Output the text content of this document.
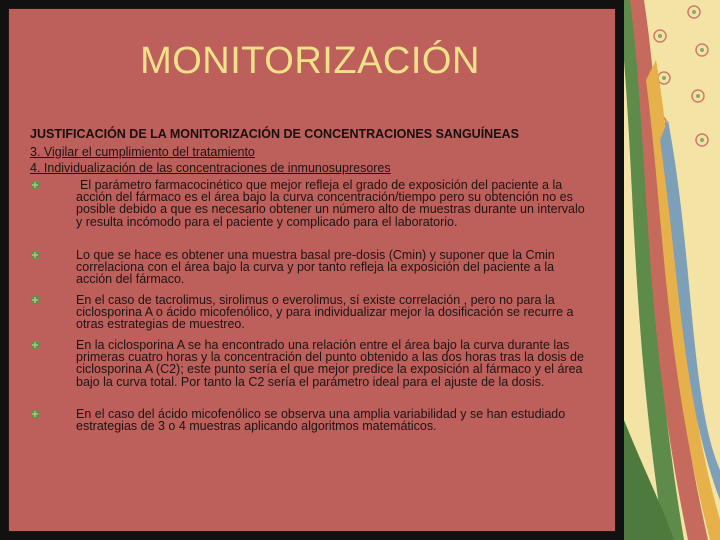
MONITORIZACIÓN
JUSTIFICACIÓN DE LA MONITORIZACIÓN DE CONCENTRACIONES SANGUÍNEAS
3. Vigilar el cumplimiento del tratamiento
4. Individualización de las concentraciones de inmunosupresores
El parámetro farmacocinético que mejor refleja el grado de exposición del paciente a la acción del fármaco es el área bajo la curva concentración/tiempo pero su obtención no es posible debido a que es necesario obtener un número alto de muestras durante un intervalo y resulta incómodo para el paciente y complicado para el laboratorio.
Lo que se hace es obtener una muestra basal pre-dosis (Cmin) y suponer que la Cmin correlaciona con el área bajo la curva y por tanto refleja la exposición del paciente a la acción del fármaco.
En el caso de tacrolimus, sirolimus o everolimus, sí existe correlación , pero no para la ciclosporina A o ácido micofenólico, y para individualizar mejor la dosificación se recurre a otras estrategias de muestreo.
En la ciclosporina A se ha encontrado una relación entre el área bajo la curva durante las primeras cuatro horas y la concentración del punto obtenido a las dos horas tras la dosis de ciclosporina A (C2); este punto sería el que mejor predice la exposición al fármaco y el área bajo la curva total. Por tanto la C2 sería el parámetro ideal para el ajuste de la dosis.
En el caso del ácido micofenólico se observa una amplia variabilidad y se han estudiado estrategias de 3 o 4 muestras aplicando algoritmos matemáticos.
